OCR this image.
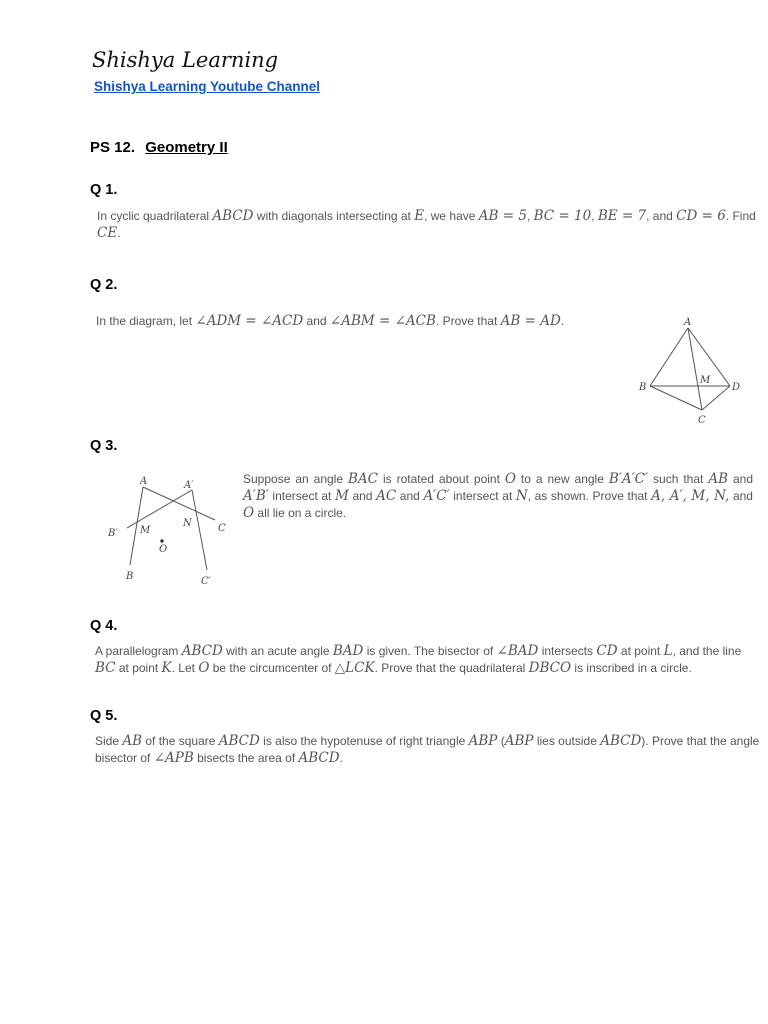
Shishya Learning
Shishya Learning Youtube Channel
PS 12. Geometry II
Q 1.
In cyclic quadrilateral ABCD with diagonals intersecting at E, we have AB = 5, BC = 10, BE = 7, and CD = 6. Find CE.
Q 2.
In the diagram, let ∠ADM = ∠ACD and ∠ABM = ∠ACB. Prove that AB = AD.	A
B
M
D
C
Q 3.
A	A′
B′ M
N	C
O
B	C′
Suppose an angle BAC is rotated about point O to a new angle B′A′C′ such that AB and A′B′ intersect at M and AC and A′C′ intersect at N, as shown. Prove that A, A′, M, N, and O all lie on a circle.
Q 4.
A parallelogram ABCD with an acute angle BAD is given. The bisector of ∠BAD intersects CD at point L, and the line BC at point K. Let O be the circumcenter of △LCK. Prove that the quadrilateral DBCO is inscribed in a circle.
Q 5.
Side AB of the square ABCD is also the hypotenuse of right triangle ABP (ABP lies outside ABCD). Prove that the angle bisector of ∠APB bisects the area of ABCD.
